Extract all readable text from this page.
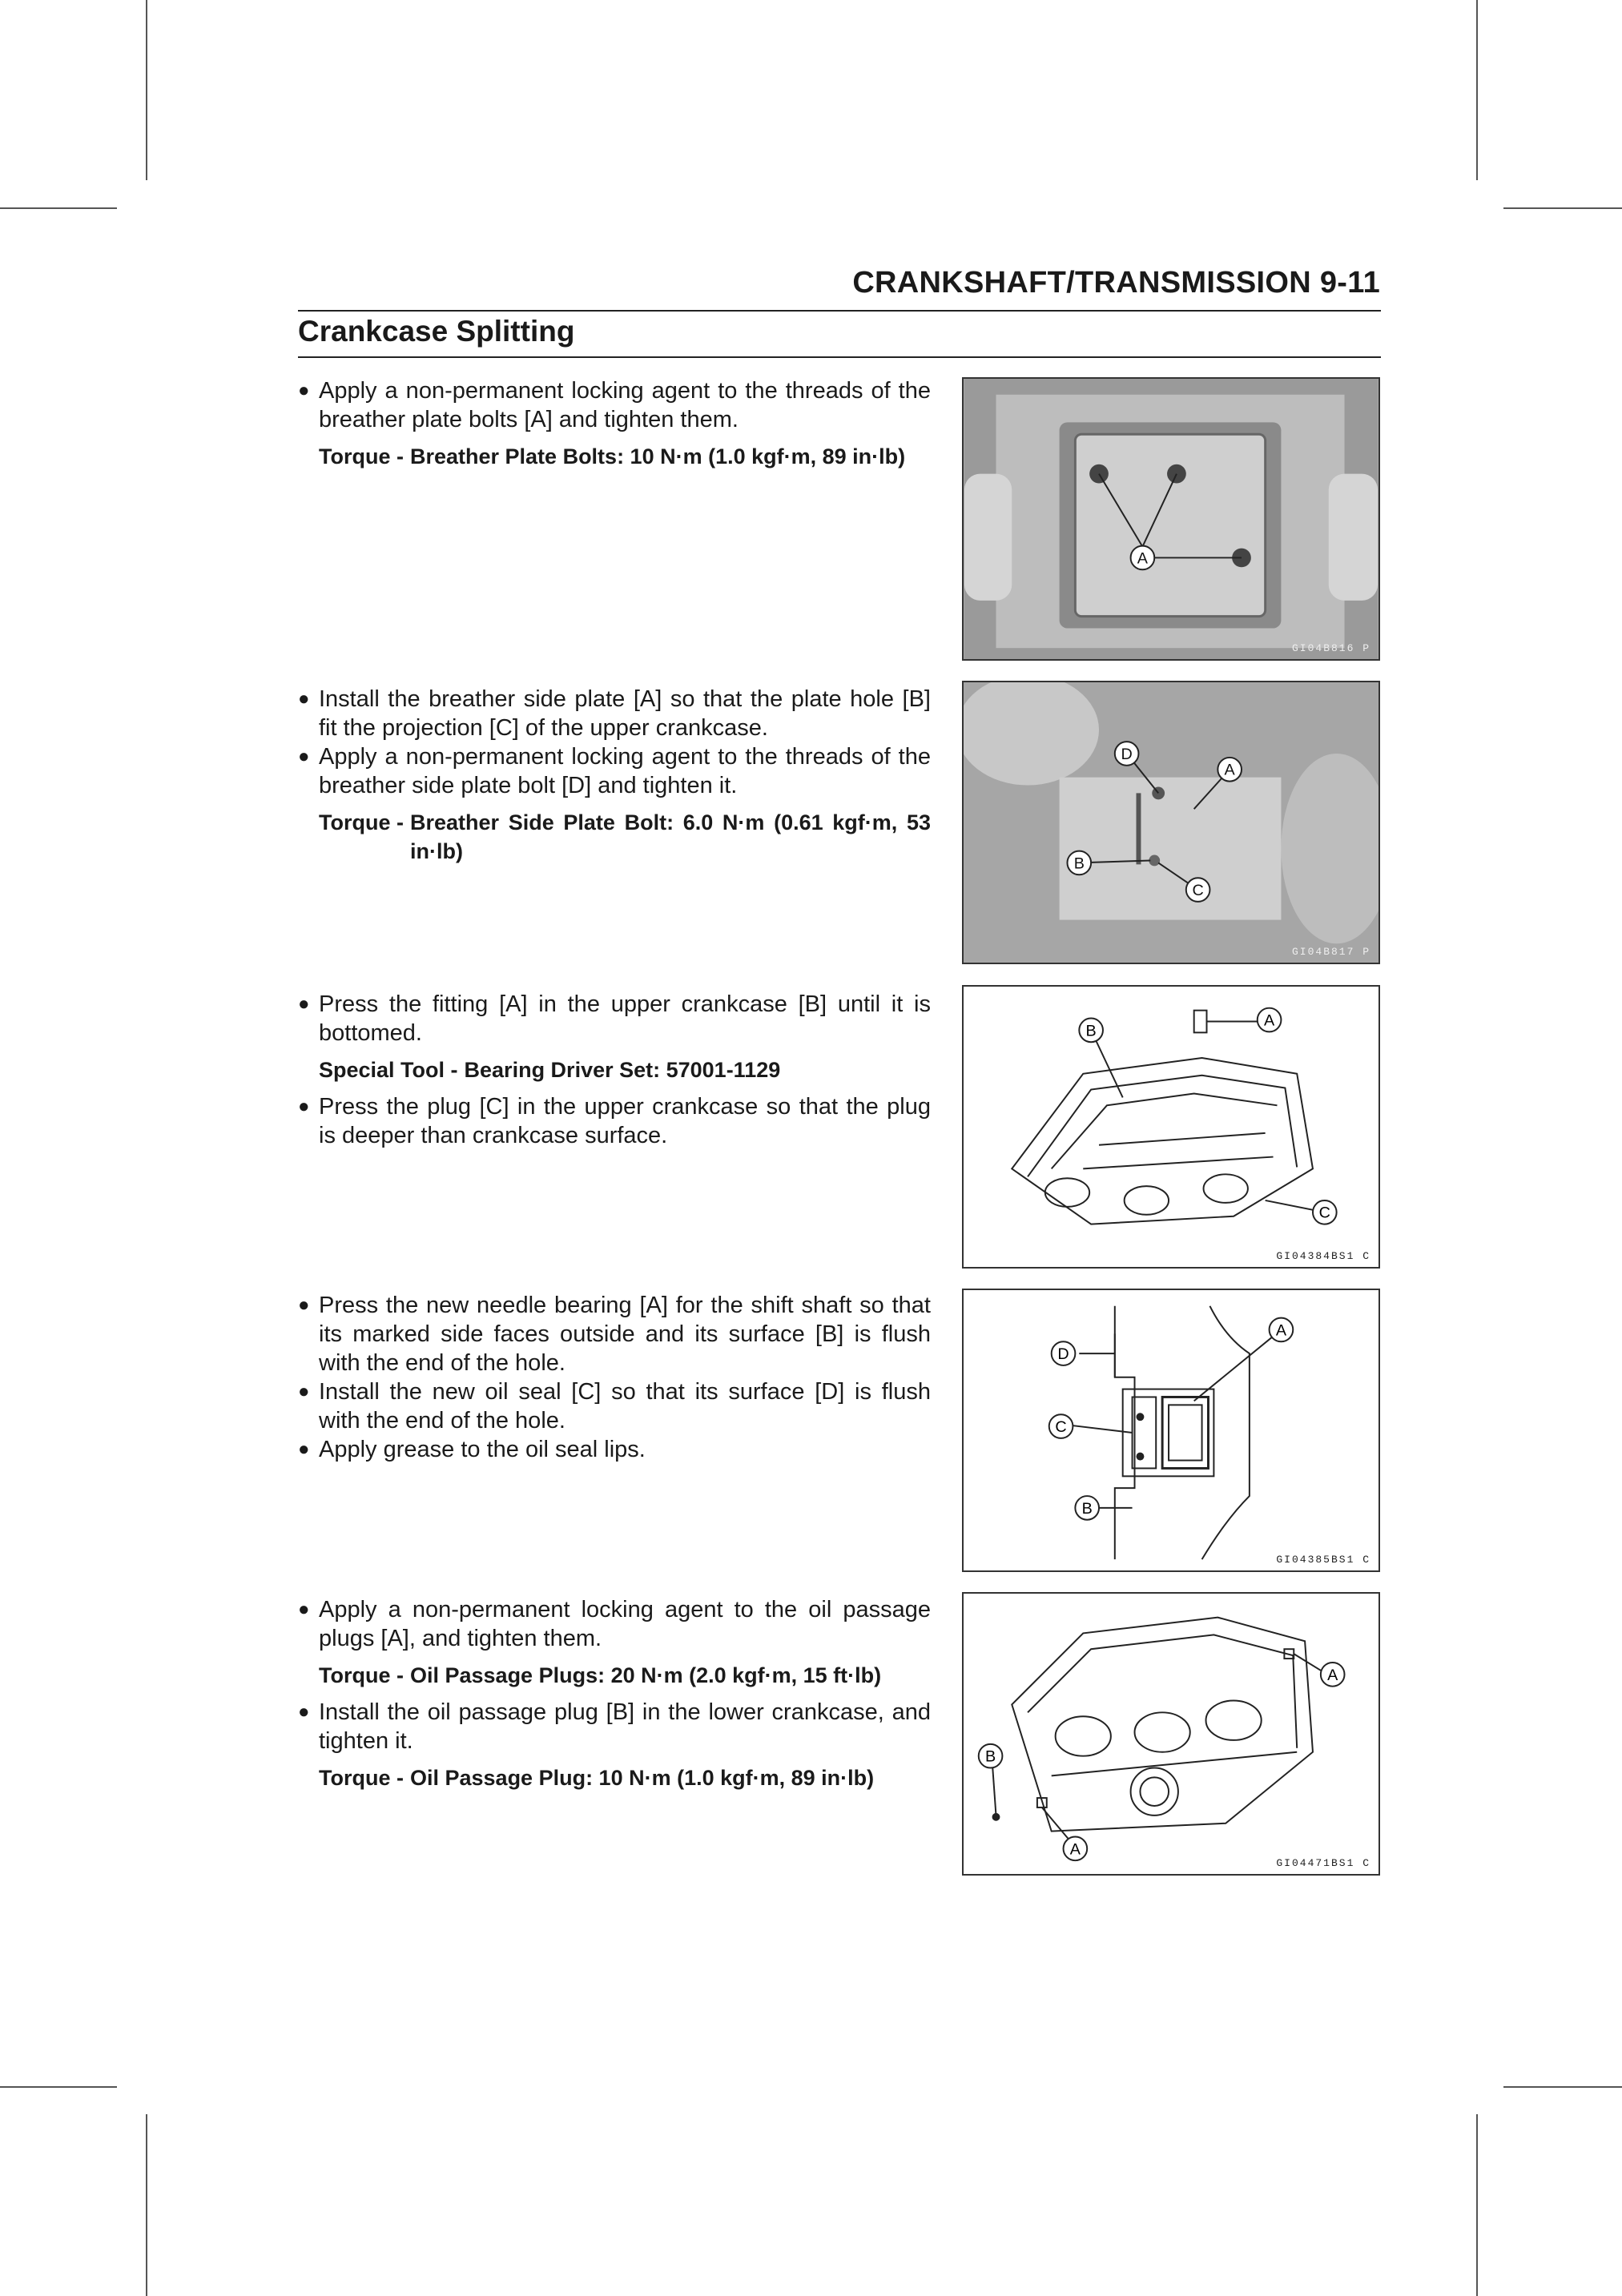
CRANKSHAFT/TRANSMISSION 9-11
Crankcase Splitting
● Apply a non-permanent locking agent to the threads of the breather plate bolts [A] and tighten them.
Torque - Breather Plate Bolts: 10 N·m (1.0 kgf·m, 89 in·lb)
A
GI04B816 P
● Install the breather side plate [A] so that the plate hole [B] fit the projection [C] of the upper crankcase.
● Apply a non-permanent locking agent to the threads of the breather side plate bolt [D] and tighten it.
Torque - Breather Side Plate Bolt: 6.0 N·m (0.61 kgf·m, 53 in·lb)
D
A
B
C
GI04B817 P
● Press the fitting [A] in the upper crankcase [B] until it is bottomed.
Special Tool - Bearing Driver Set: 57001-1129
● Press the plug [C] in the upper crankcase so that the plug is deeper than crankcase surface.
B
A
C
GI04384BS1 C
● Press the new needle bearing [A] for the shift shaft so that its marked side faces outside and its surface [B] is flush with the end of the hole.
● Install the new oil seal [C] so that its surface [D] is flush with the end of the hole.
● Apply grease to the oil seal lips.
D
A
C
B
GI04385BS1 C
● Apply a non-permanent locking agent to the oil passage plugs [A], and tighten them.
Torque - Oil Passage Plugs: 20 N·m (2.0 kgf·m, 15 ft·lb)
● Install the oil passage plug [B] in the lower crankcase, and tighten it.
Torque - Oil Passage Plug: 10 N·m (1.0 kgf·m, 89 in·lb)
A
B
A
GI04471BS1 C
